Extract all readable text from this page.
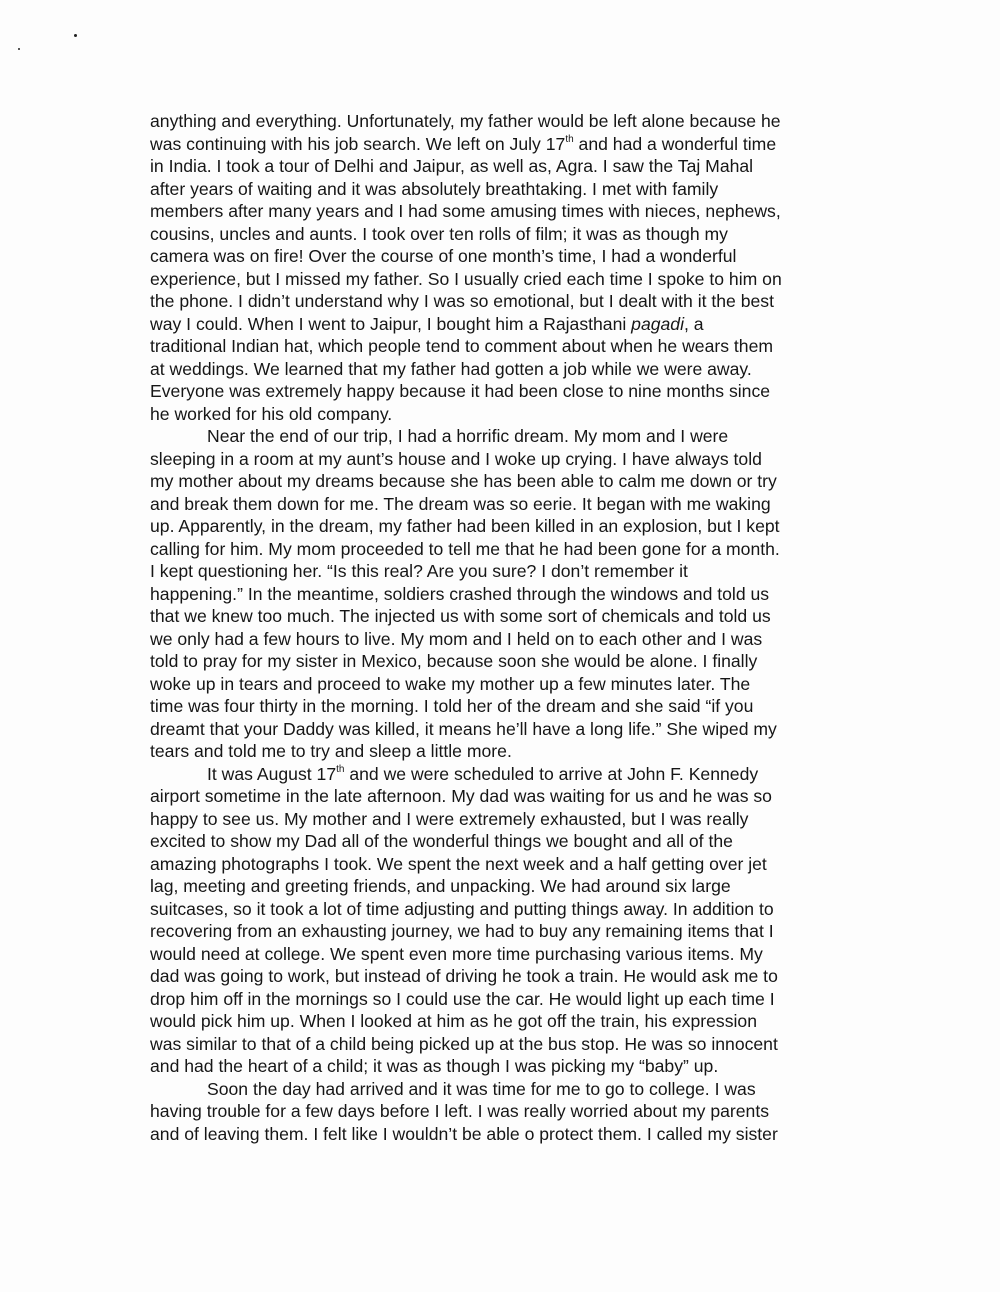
anything and everything. Unfortunately, my father would be left alone because he
was continuing with his job search. We left on July 17th and had a wonderful time
in India. I took a tour of Delhi and Jaipur, as well as, Agra. I saw the Taj Mahal
after years of waiting and it was absolutely breathtaking. I met with family
members after many years and I had some amusing times with nieces, nephews,
cousins, uncles and aunts. I took over ten rolls of film; it was as though my
camera was on fire! Over the course of one month’s time, I had a wonderful
experience, but I missed my father. So I usually cried each time I spoke to him on
the phone. I didn’t understand why I was so emotional, but I dealt with it the best
way I could. When I went to Jaipur, I bought him a Rajasthani pagadi, a
traditional Indian hat, which people tend to comment about when he wears them
at weddings. We learned that my father had gotten a job while we were away.
Everyone was extremely happy because it had been close to nine months since
he worked for his old company.
Near the end of our trip, I had a horrific dream. My mom and I were
sleeping in a room at my aunt’s house and I woke up crying. I have always told
my mother about my dreams because she has been able to calm me down or try
and break them down for me. The dream was so eerie. It began with me waking
up. Apparently, in the dream, my father had been killed in an explosion, but I kept
calling for him. My mom proceeded to tell me that he had been gone for a month.
I kept questioning her. “Is this real? Are you sure? I don’t remember it
happening.” In the meantime, soldiers crashed through the windows and told us
that we knew too much. The injected us with some sort of chemicals and told us
we only had a few hours to live. My mom and I held on to each other and I was
told to pray for my sister in Mexico, because soon she would be alone. I finally
woke up in tears and proceed to wake my mother up a few minutes later. The
time was four thirty in the morning. I told her of the dream and she said “if you
dreamt that your Daddy was killed, it means he’ll have a long life.” She wiped my
tears and told me to try and sleep a little more.
It was August 17th and we were scheduled to arrive at John F. Kennedy
airport sometime in the late afternoon. My dad was waiting for us and he was so
happy to see us. My mother and I were extremely exhausted, but I was really
excited to show my Dad all of the wonderful things we bought and all of the
amazing photographs I took. We spent the next week and a half getting over jet
lag, meeting and greeting friends, and unpacking. We had around six large
suitcases, so it took a lot of time adjusting and putting things away. In addition to
recovering from an exhausting journey, we had to buy any remaining items that I
would need at college. We spent even more time purchasing various items. My
dad was going to work, but instead of driving he took a train. He would ask me to
drop him off in the mornings so I could use the car. He would light up each time I
would pick him up. When I looked at him as he got off the train, his expression
was similar to that of a child being picked up at the bus stop. He was so innocent
and had the heart of a child; it was as though I was picking my “baby” up.
Soon the day had arrived and it was time for me to go to college. I was
having trouble for a few days before I left. I was really worried about my parents
and of leaving them. I felt like I wouldn’t be able o protect them. I called my sister
